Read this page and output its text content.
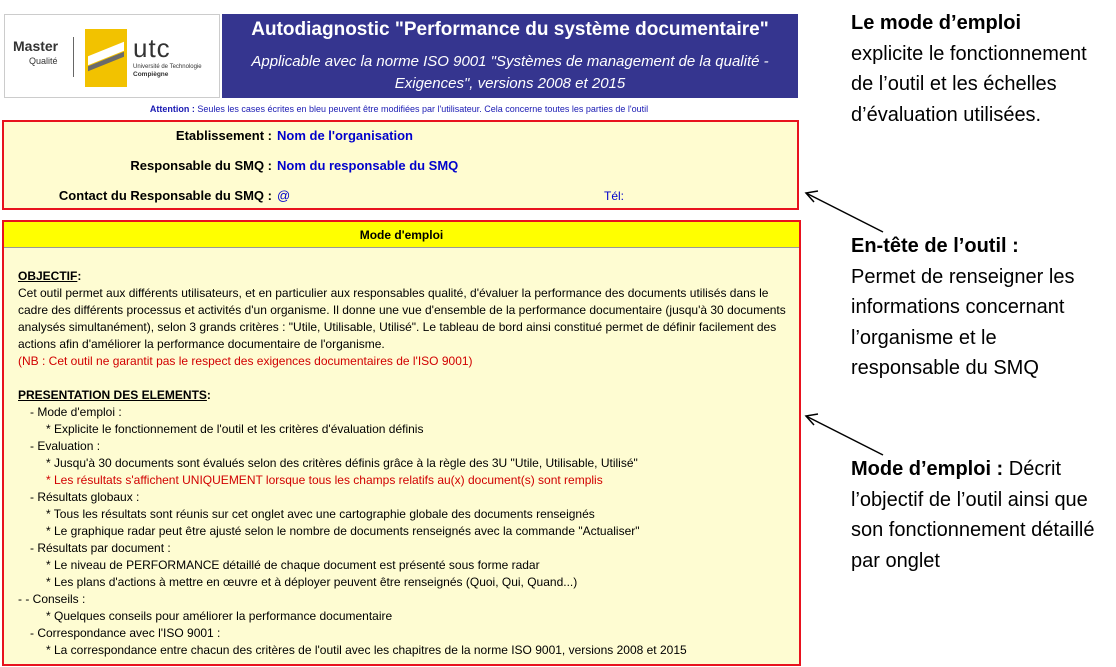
Master
Qualité	utc
Université de Technologie
Compiègne
Autodiagnostic "Performance du système documentaire"
Applicable avec la norme ISO 9001 "Systèmes de management de la qualité - Exigences", versions 2008 et 2015
Attention : Seules les cases écrites en bleu peuvent être modifiées par l'utilisateur. Cela concerne toutes les parties de l'outil
Etablissement : Nom de l'organisation
Responsable du SMQ : Nom du responsable du SMQ
Contact du Responsable du SMQ : @	Tél:
Mode d'emploi
OBJECTIF:
Cet outil permet aux différents utilisateurs, et en particulier aux responsables qualité, d'évaluer la performance des documents utilisés dans le cadre des différents processus et activités d'un organisme. Il donne une vue d'ensemble de la performance documentaire (jusqu'à 30 documents analysés simultanément), selon 3 grands critères : "Utile, Utilisable, Utilisé". Le tableau de bord ainsi constitué permet de définir facilement des actions afin d'améliorer la performance documentaire de l'organisme.
(NB : Cet outil ne garantit pas le respect des exigences documentaires de l'ISO 9001)
PRESENTATION DES ELEMENTS:
- Mode d'emploi :
* Explicite le fonctionnement de l'outil et les critères d'évaluation définis
- Evaluation :
* Jusqu'à 30 documents sont évalués selon des critères définis grâce à la règle des 3U "Utile, Utilisable, Utilisé"
* Les résultats s'affichent UNIQUEMENT lorsque tous les champs relatifs au(x) document(s) sont remplis
- Résultats globaux :
* Tous les résultats sont réunis sur cet onglet avec une cartographie globale des documents renseignés
* Le graphique radar peut être ajusté selon le nombre de documents renseignés avec la commande "Actualiser"
- Résultats par document :
* Le niveau de PERFORMANCE détaillé de chaque document est présenté sous forme radar
* Les plans d'actions à mettre en œuvre et à déployer peuvent être renseignés (Quoi, Qui, Quand...)
- - Conseils :
* Quelques conseils pour améliorer la performance documentaire
- Correspondance avec l'ISO 9001 :
* La correspondance entre chacun des critères de l'outil avec les chapitres de la norme ISO 9001, versions 2008 et 2015
Le mode d’emploi
explicite le fonctionnement de l’outil et les échelles d’évaluation utilisées.
En-tête de l’outil :
Permet de renseigner les informations concernant l’organisme et le responsable du SMQ
Mode d’emploi : Décrit l’objectif de l’outil ainsi que son fonctionnement détaillé par onglet
